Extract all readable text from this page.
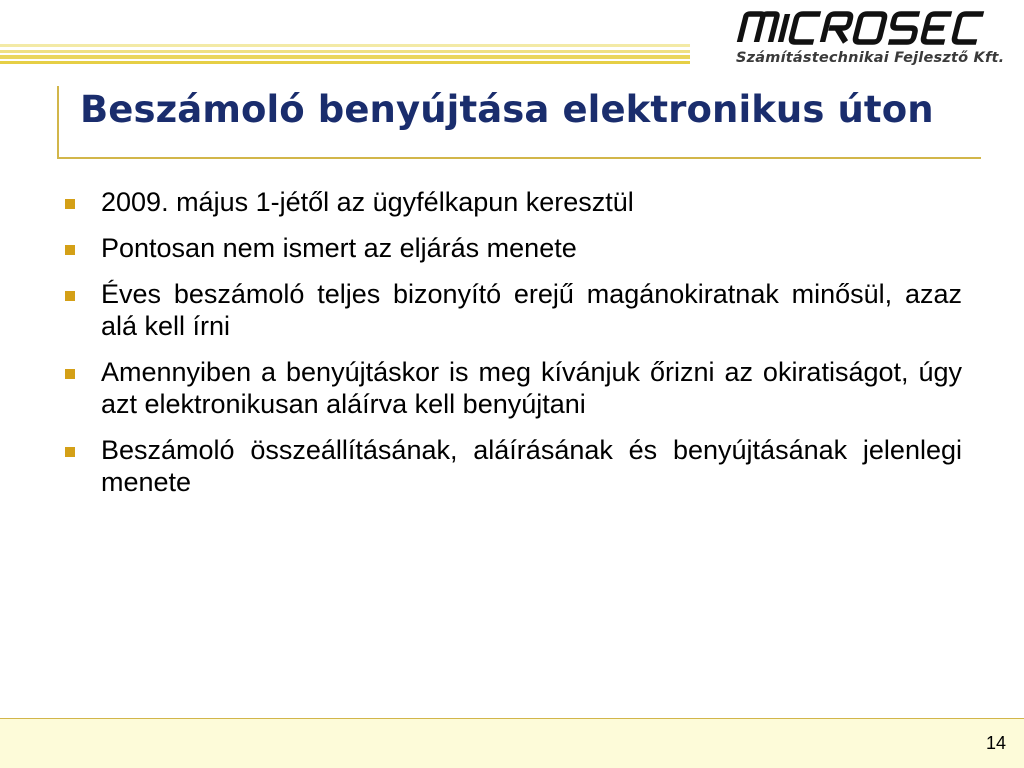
Számítástechnikai Fejlesztő Kft.
Beszámoló benyújtása elektronikus úton
2009. május 1-jétől az ügyfélkapun keresztül
Pontosan nem ismert az eljárás menete
Éves beszámoló teljes bizonyító erejű magánokiratnak minősül, azaz alá kell írni
Amennyiben a benyújtáskor is meg kívánjuk őrizni az okiratiságot, úgy azt elektronikusan aláírva kell benyújtani
Beszámoló összeállításának, aláírásának és benyújtásának jelenlegi menete
14
